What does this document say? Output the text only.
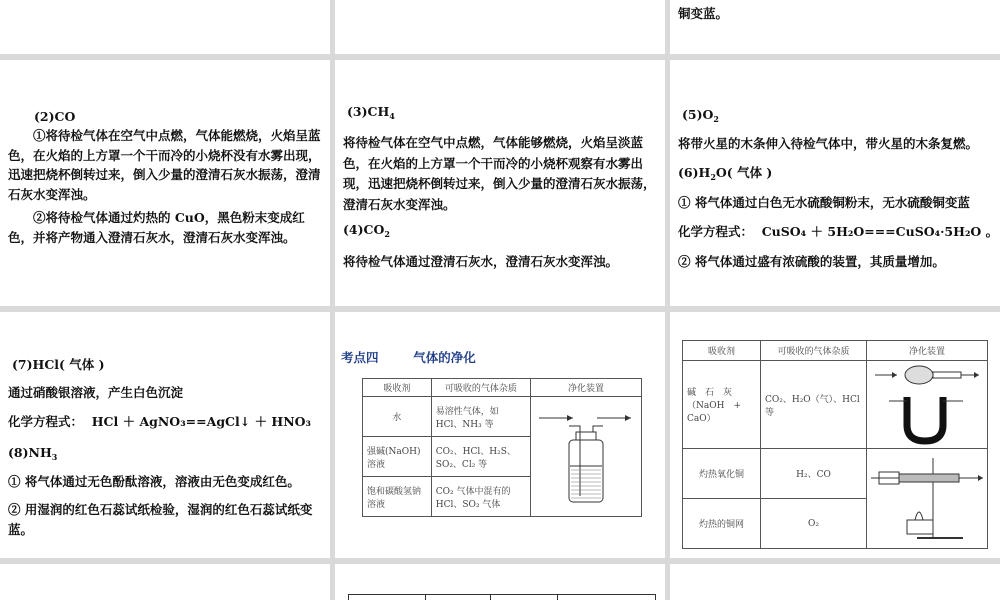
铜变蓝。
(2)CO
①将待检气体在空气中点燃，气体能燃烧，火焰呈蓝色，在火焰的上方罩一个干而冷的小烧杯没有水雾出现，迅速把烧杯倒转过来，倒入少量的澄清石灰水振荡，澄清石灰水变浑浊。
②将待检气体通过灼热的 CuO，黑色粉末变成红色，并将产物通入澄清石灰水，澄清石灰水变浑浊。
$(3)CH_4$
将待检气体在空气中点燃，气体能够燃烧，火焰呈淡蓝色，在火焰的上方罩一个干而冷的小烧杯观察有水雾出现，迅速把烧杯倒转过来，倒入少量的澄清石灰水振荡，澄清石灰水变浑浊。
$(4)CO_2$
将待检气体通过澄清石灰水，澄清石灰水变浑浊。
$(5)O_2$
将带火星的木条伸入待检气体中，带火星的木条复燃。
$(6)H_2O$( 气体 )
① 将气体通过白色无水硫酸铜粉末，无水硫酸铜变蓝
化学方程式： CuSO₄ ＋ 5H₂O===CuSO₄·5H₂O 。
② 将气体通过盛有浓硫酸的装置，其质量增加。
(7)HCl( 气体 )
通过硝酸银溶液，产生白色沉淀
化学方程式： HCl ＋ AgNO₃==AgCl↓ ＋ HNO₃
$(8)NH_3$
① 将气体通过无色酚酞溶液，溶液由无色变成红色。
② 用湿润的红色石蕊试纸检验，湿润的红色石蕊试纸变蓝。
考点四	气体的净化
吸收剂	可吸收的气体杂质	净化装置
水	易溶性气体，如 HCl、NH₃ 等	
强碱(NaOH)溶液	CO₂、HCl、H₂S、SO₂、Cl₂ 等	
饱和碳酸氢钠溶液	CO₂ 气体中混有的 HCl、SO₂ 气体	
吸收剂	可吸收的气体杂质	净化装置
碱　石　灰（NaOH　+　CaO）	CO₂、H₂O（气）、HCl 等	
灼热氧化铜	H₂、CO	
灼热的铜网	O₂	
